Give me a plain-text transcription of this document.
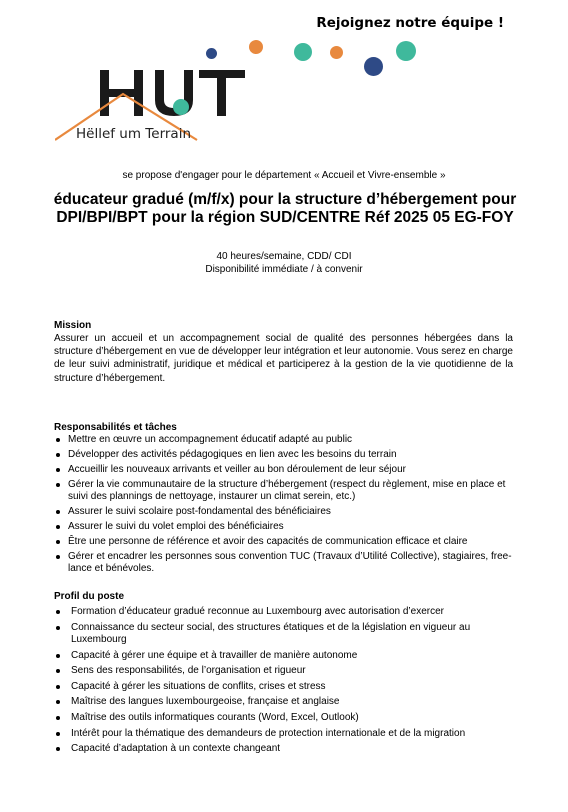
Rejoignez notre équipe !
Hëllef um Terrain
se propose d'engager pour le département « Accueil et Vivre-ensemble »
éducateur gradué (m/f/x) pour la structure d’hébergement pour DPI/BPI/BPT pour la région SUD/CENTRE Réf 2025 05 EG-FOY
40 heures/semaine, CDD/ CDI
Disponibilité immédiate / à convenir
Mission
Assurer un accueil et un accompagnement social de qualité des personnes hébergées dans la structure d’hébergement en vue de développer leur intégration et leur autonomie. Vous serez en charge de leur suivi administratif, juridique et médical et participerez à la gestion de la vie quotidienne de la structure d’hébergement.
Responsabilités et tâches
Mettre en œuvre un accompagnement éducatif adapté au public
Développer des activités pédagogiques en lien avec les besoins du terrain
Accueillir les nouveaux arrivants et veiller au bon déroulement de leur séjour
Gérer la vie communautaire de la structure d’hébergement (respect du règlement, mise en place et suivi des plannings de nettoyage, instaurer un climat serein, etc.)
Assurer le suivi scolaire post-fondamental des bénéficiaires
Assurer le suivi du volet emploi des bénéficiaires
Être une personne de référence et avoir des capacités de communication efficace et claire
Gérer et encadrer les personnes sous convention TUC (Travaux d’Utilité Collective), stagiaires, free-lance et bénévoles.
Profil du poste
Formation d’éducateur gradué reconnue au Luxembourg avec autorisation d’exercer
Connaissance du secteur social, des structures étatiques et de la législation en vigueur au Luxembourg
Capacité à gérer une équipe et à travailler de manière autonome
Sens des responsabilités, de l’organisation et rigueur
Capacité à gérer les situations de conflits, crises et stress
Maîtrise des langues luxembourgeoise, française et anglaise
Maîtrise des outils informatiques courants (Word, Excel, Outlook)
Intérêt pour la thématique des demandeurs de protection internationale et de la migration
Capacité d’adaptation à un contexte changeant
